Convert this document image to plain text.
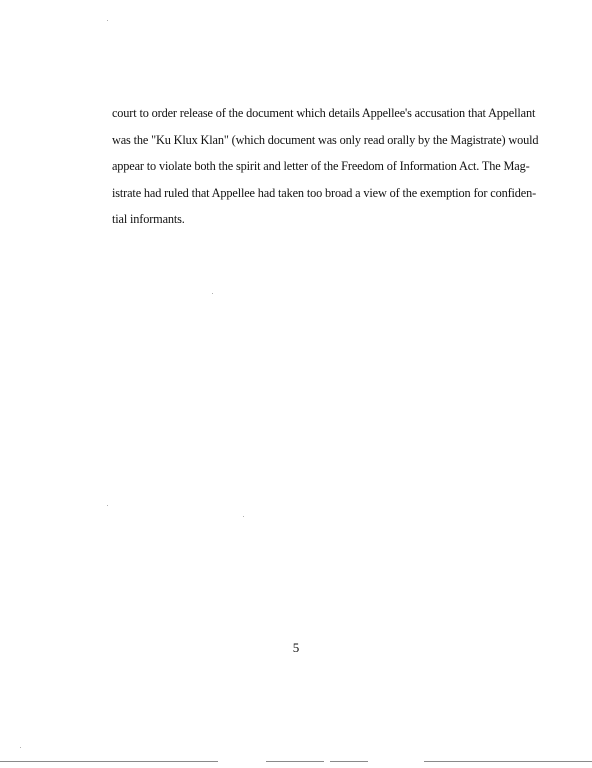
court to order release of the document which details Appellee's accusation that Appellant
was the "Ku Klux Klan" (which document was only read orally by the Magistrate) would
appear to violate both the spirit and letter of the Freedom of Information Act. The Mag-
istrate had ruled that Appellee had taken too broad a view of the exemption for confiden-
tial informants.
5
